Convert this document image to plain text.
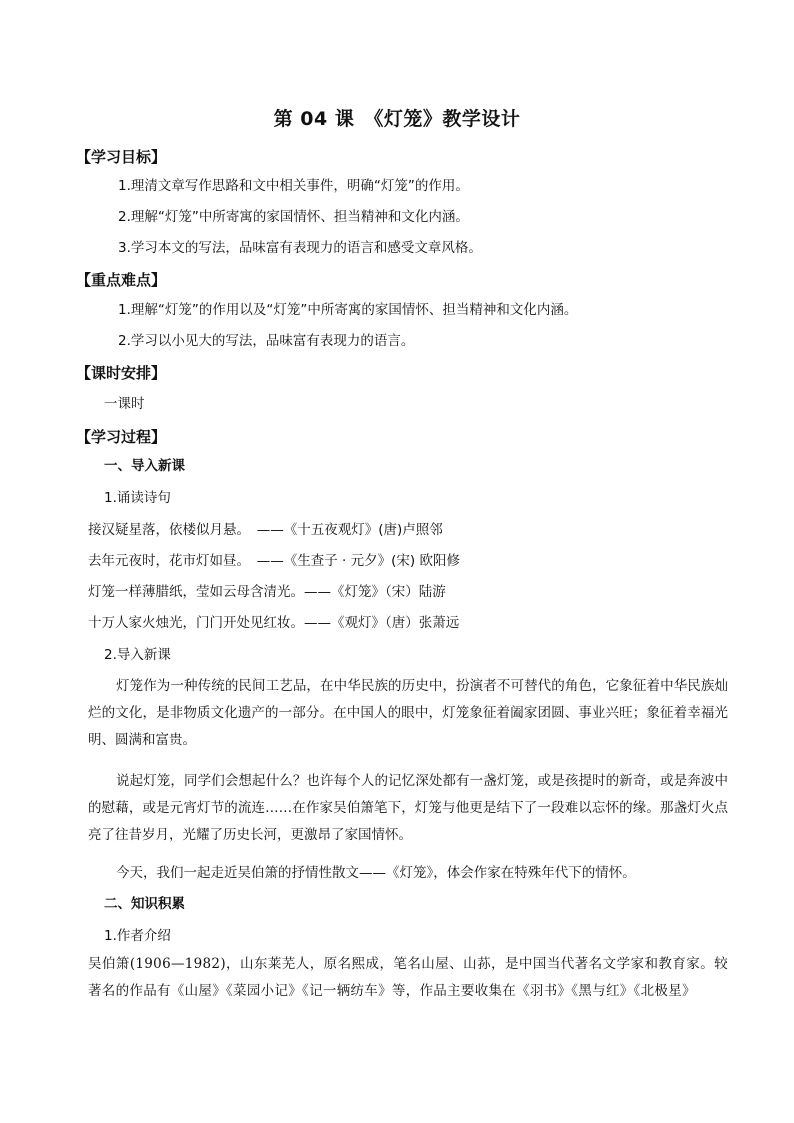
第 04 课　《灯笼》教学设计
【学习目标】
1.理清文章写作思路和文中相关事件，明确“灯笼”的作用。
2.理解“灯笼”中所寄寓的家国情怀、担当精神和文化内涵。
3.学习本文的写法，品味富有表现力的语言和感受文章风格。
【重点难点】
1.理解“灯笼”的作用以及“灯笼”中所寄寓的家国情怀、担当精神和文化内涵。
2.学习以小见大的写法，品味富有表现力的语言。
【课时安排】
一课时
【学习过程】
一、导入新课
1.诵读诗句
接汉疑星落，依楼似月悬。　——《十五夜观灯》(唐)卢照邻
去年元夜时，花市灯如昼。　——《生查子 · 元夕》(宋) 欧阳修
灯笼一样薄腊纸，莹如云母含清光。——《灯笼》（宋）陆游
十万人家火烛光，门门开处见红妆。——《观灯》（唐）张萧远
2.导入新课
灯笼作为一种传统的民间工艺品，在中华民族的历史中，扮演者不可替代的角色，它象征着中华民族灿烂的文化，是非物质文化遗产的一部分。在中国人的眼中，灯笼象征着阖家团圆、事业兴旺；象征着幸福光明、圆满和富贵。
说起灯笼，同学们会想起什么？也许每个人的记忆深处都有一盏灯笼，或是孩提时的新奇，或是奔波中的慰藉，或是元宵灯节的流连……在作家吴伯箫笔下，灯笼与他更是结下了一段难以忘怀的缘。那盏灯火点亮了往昔岁月，光耀了历史长河，更激昂了家国情怀。
今天，我们一起走近吴伯箫的抒情性散文——《灯笼》，体会作家在特殊年代下的情怀。
二、知识积累
1.作者介绍
吴伯箫(1906—1982)，山东莱芜人，原名熙成，笔名山屋、山荪，是中国当代著名文学家和教育家。较著名的作品有《山屋》《菜园小记》《记一辆纺车》等，作品主要收集在《羽书》《黑与红》《北极星》
